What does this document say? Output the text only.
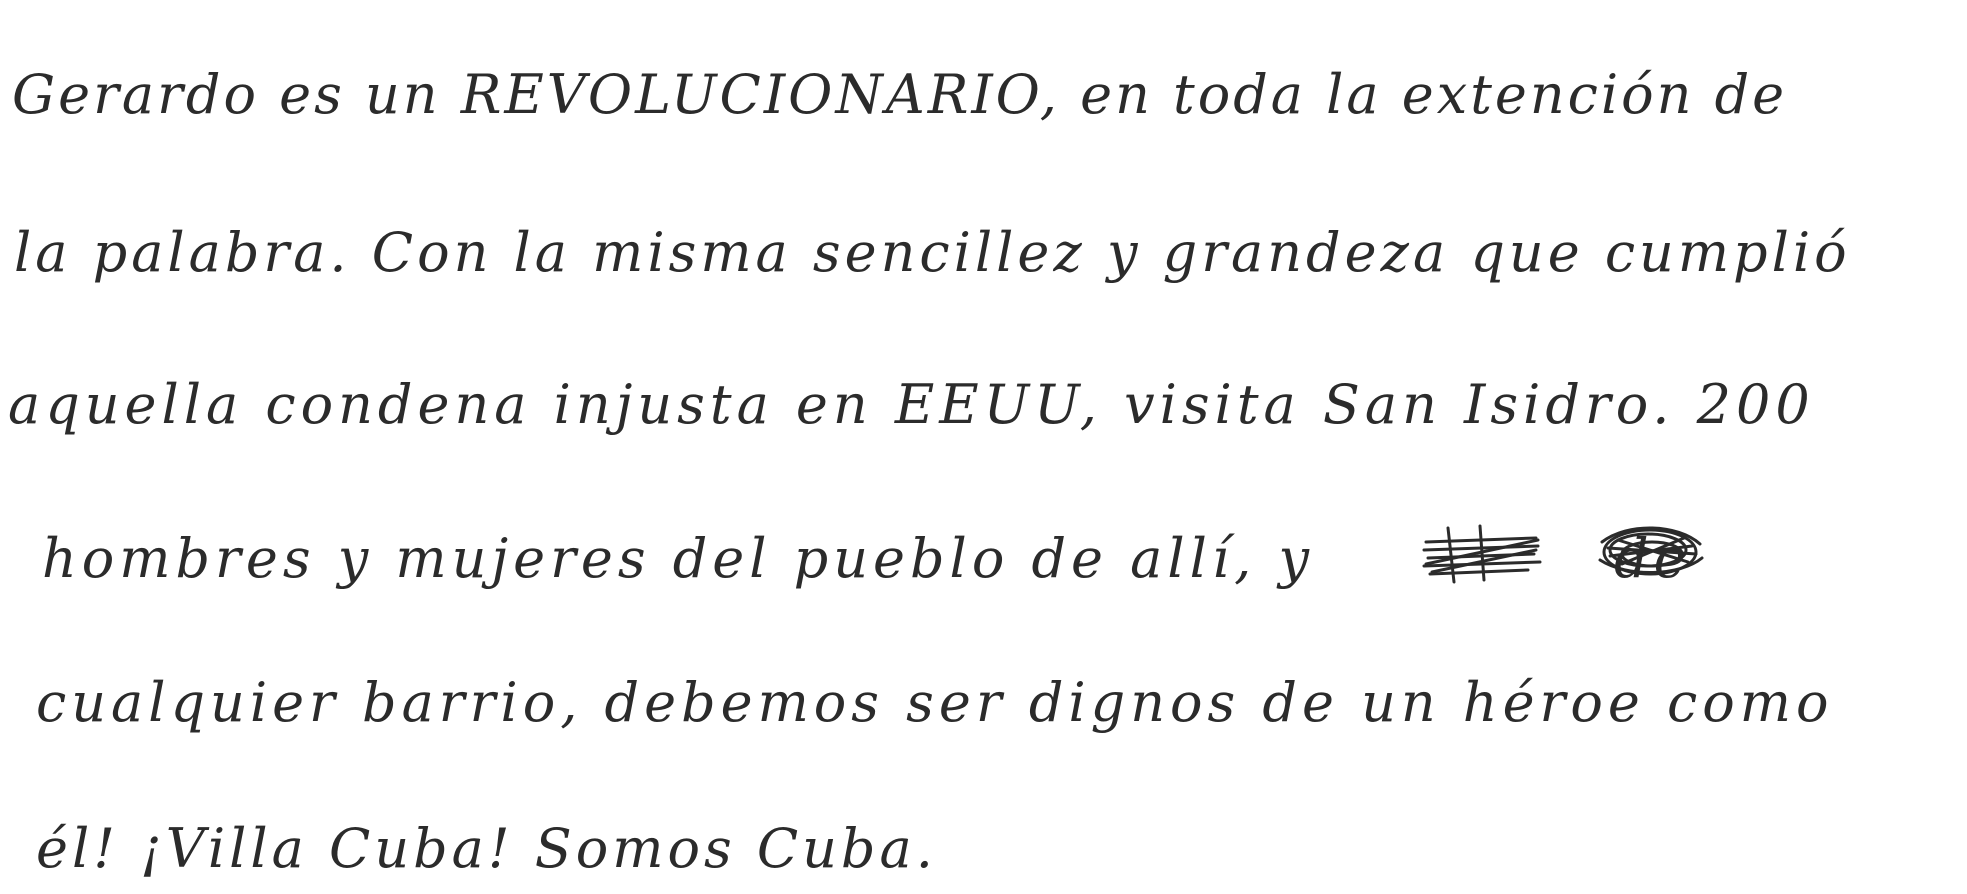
Gerardo es un REVOLUCIONARIO, en toda la extención de
la palabra. Con la misma sencillez y grandeza que cumplió
aquella condena injusta en EEUU, visita San Isidro. 200
hombres y mujeres del pueblo de allí, y	de
cualquier barrio, debemos ser dignos de un héroe como
él! ¡Villa Cuba! Somos Cuba.
